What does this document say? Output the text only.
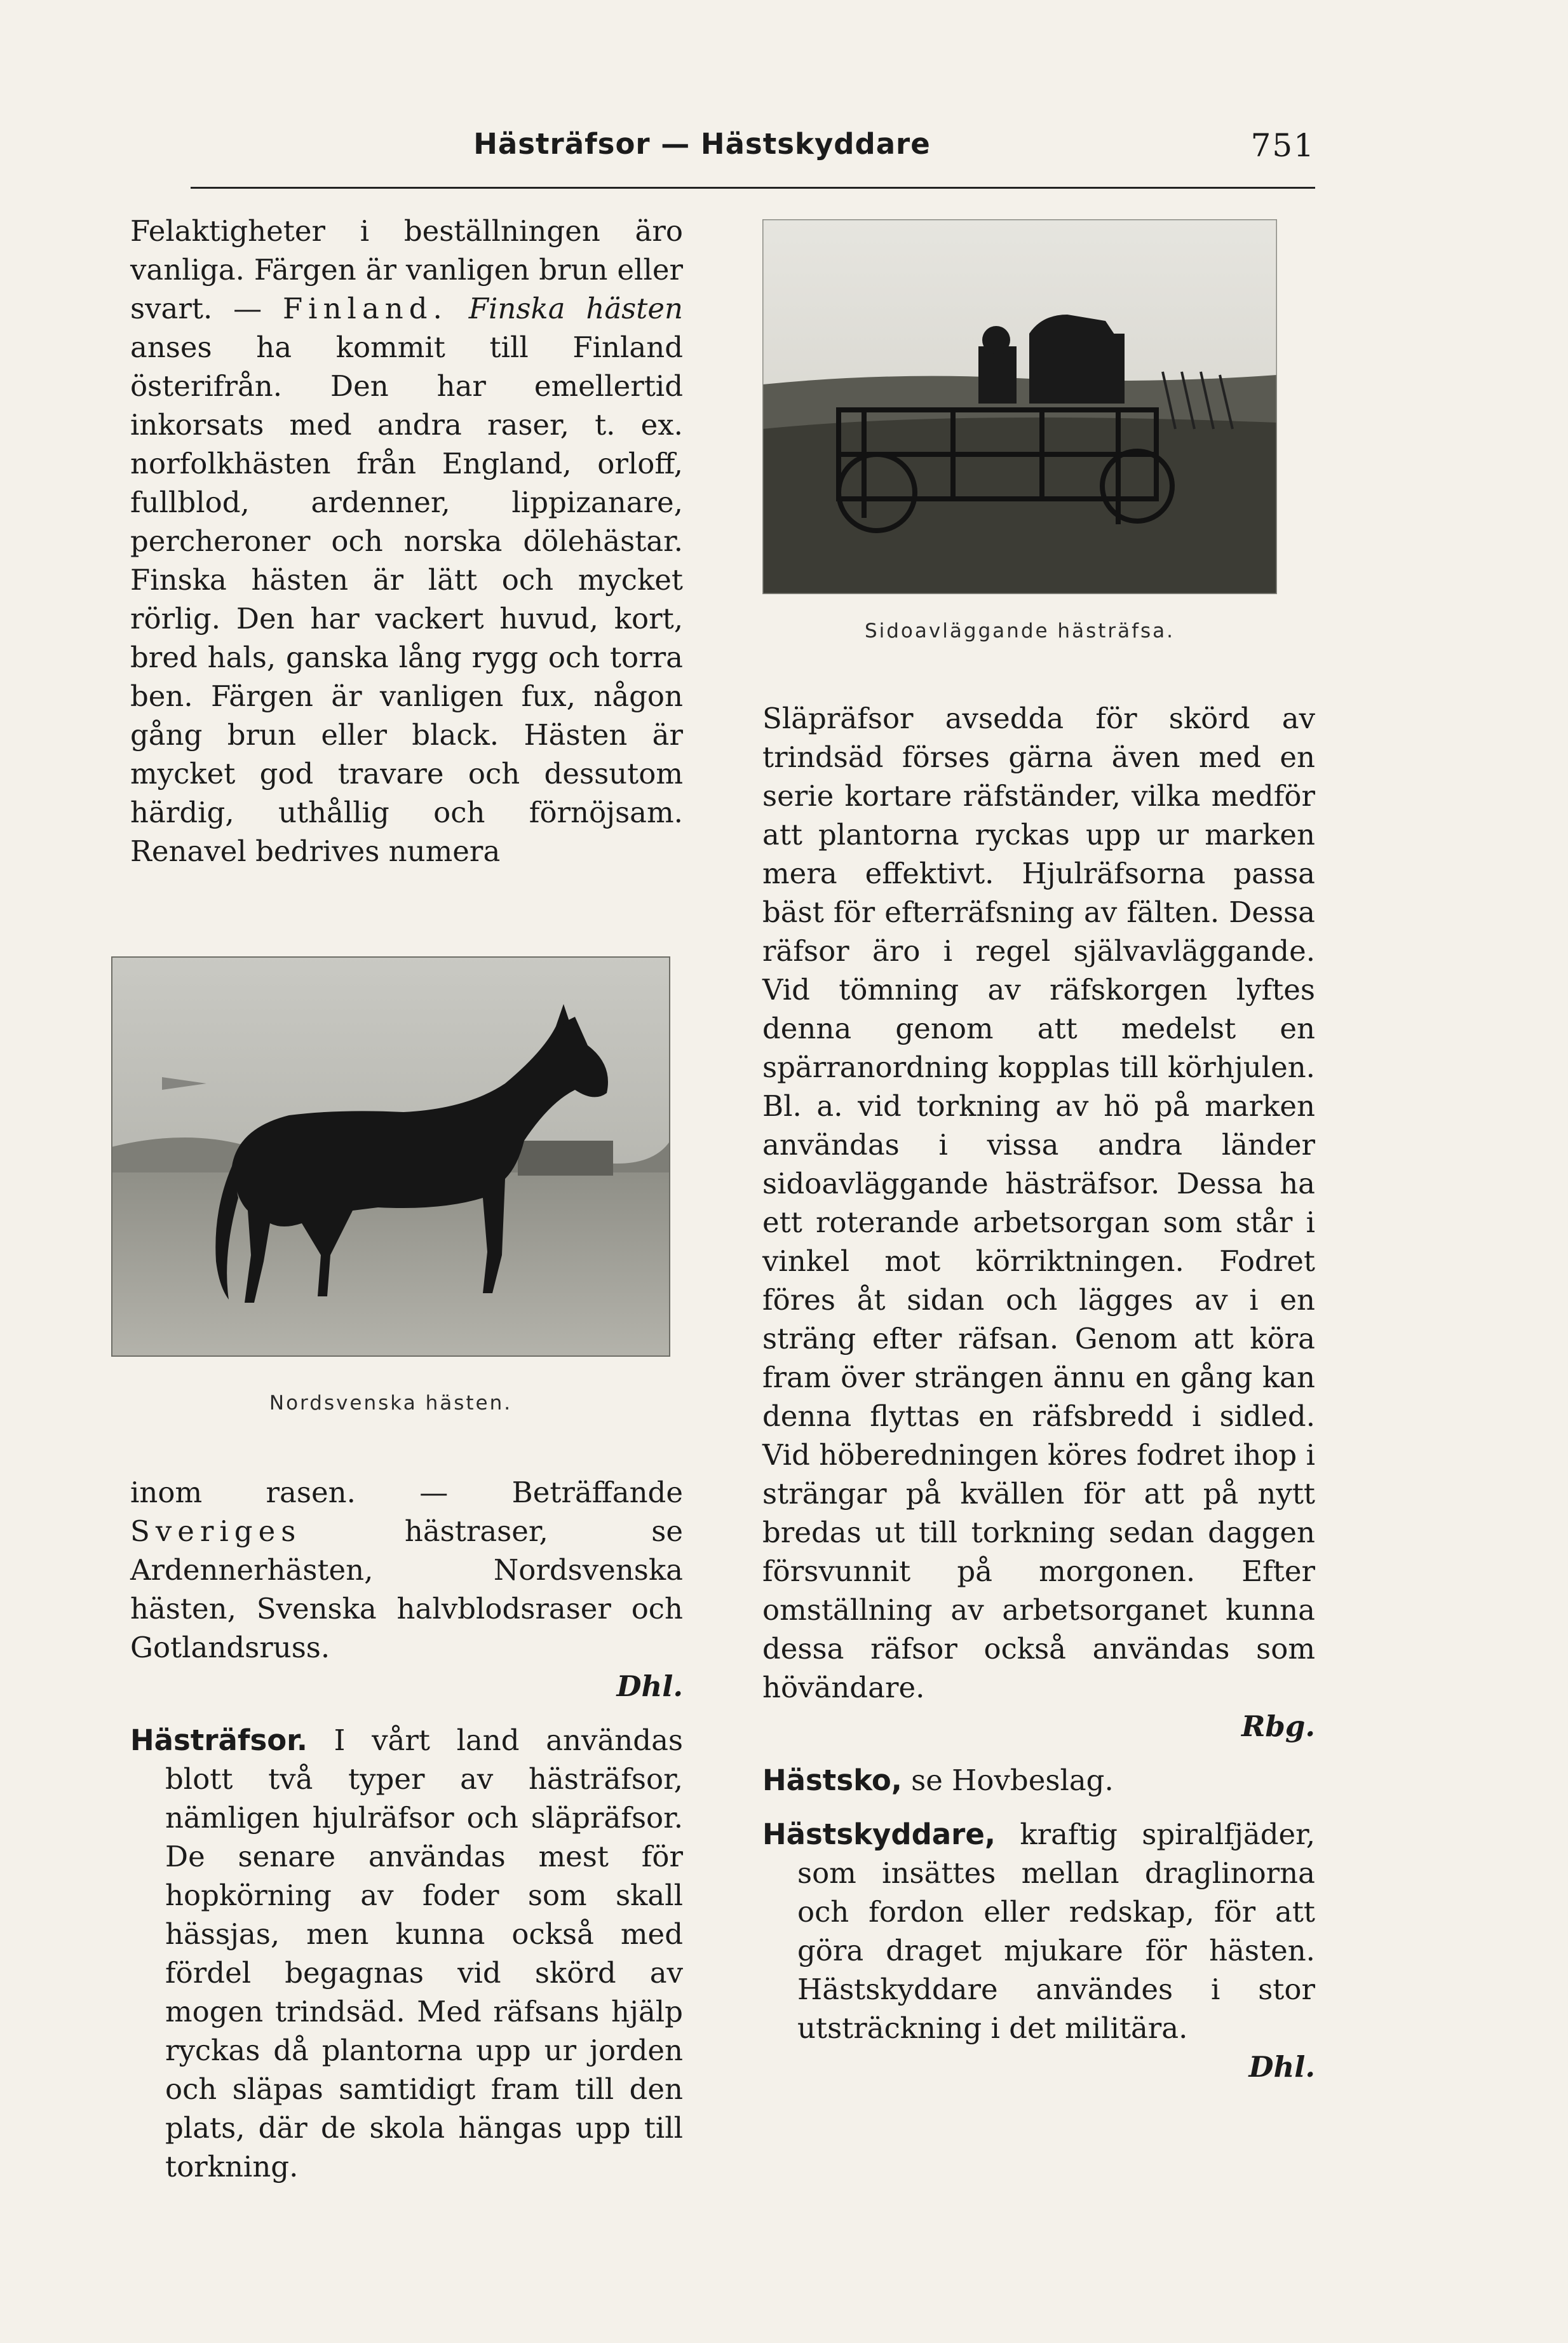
Hästräfsor — Hästskyddare	751

Felaktigheter i beställningen äro vanliga. Färgen är vanligen brun eller svart. — Finland. Finska hästen anses ha kommit till Finland österifrån. Den har emellertid inkorsats med andra raser, t. ex. norfolkhästen från England, orloff, fullblod, ardenner, lippizanare, percheroner och norska dölehästar. Finska hästen är lätt och mycket rörlig. Den har vackert huvud, kort, bred hals, ganska lång rygg och torra ben. Färgen är vanligen fux, någon gång brun eller black. Hästen är mycket god travare och dessutom härdig, uthållig och förnöjsam. Renavel bedrives numera

Nordsvenska hästen.

inom rasen. — Beträffande Sveriges hästraser, se Ardennerhästen, Nordsvenska hästen, Svenska halvblodsraser och Gotlandsruss.

Dhl.

Hästräfsor. I vårt land användas blott två typer av hästräfsor, nämligen hjulräfsor och släpräfsor. De senare användas mest för hopkörning av foder som skall hässjas, men kunna också med fördel begagnas vid skörd av mogen trindsäd. Med räfsans hjälp ryckas då plantorna upp ur jorden och släpas samtidigt fram till den plats, där de skola hängas upp till torkning.

Sidoavläggande hästräfsa.

Släpräfsor avsedda för skörd av trindsäd förses gärna även med en serie kortare räfständer, vilka medför att plantorna ryckas upp ur marken mera effektivt. Hjulräfsorna passa bäst för efterräfsning av fälten. Dessa räfsor äro i regel självavläggande. Vid tömning av räfskorgen lyftes denna genom att medelst en spärranordning kopplas till körhjulen. Bl. a. vid torkning av hö på marken användas i vissa andra länder sidoavläggande hästräfsor. Dessa ha ett roterande arbetsorgan som står i vinkel mot körriktningen. Fodret föres åt sidan och lägges av i en sträng efter räfsan. Genom att köra fram över strängen ännu en gång kan denna flyttas en räfsbredd i sidled. Vid höberedningen köres fodret ihop i strängar på kvällen för att på nytt bredas ut till torkning sedan daggen försvunnit på morgonen. Efter omställning av arbetsorganet kunna dessa räfsor också användas som hövändare.

Rbg.

Hästsko, se Hovbeslag.

Hästskyddare, kraftig spiralfjäder, som insättes mellan draglinorna och fordon eller redskap, för att göra draget mjukare för hästen. Hästskyddare användes i stor utsträckning i det militära.

Dhl.
